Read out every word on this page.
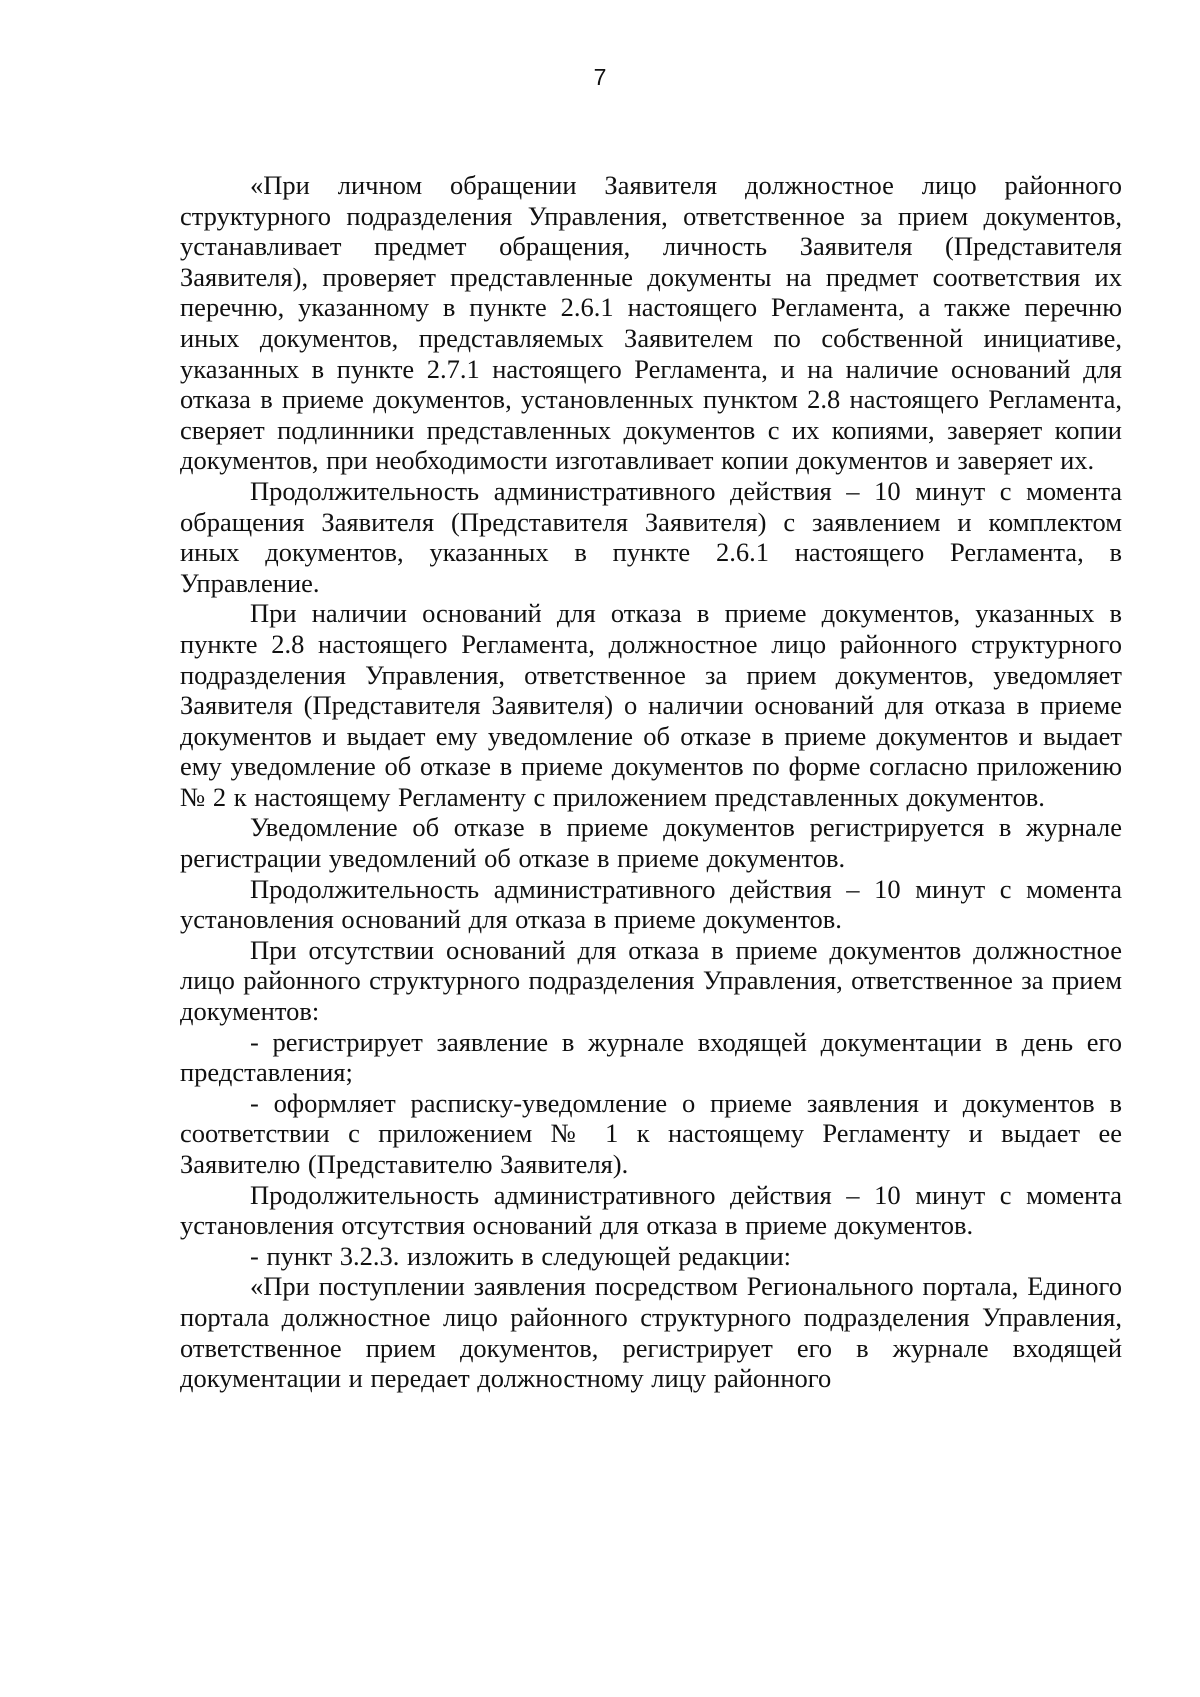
7

«При личном обращении Заявителя должностное лицо районного структурного подразделения Управления, ответственное за прием документов, устанавливает предмет обращения, личность Заявителя (Представителя Заявителя), проверяет представленные документы на предмет соответствия их перечню, указанному в пункте 2.6.1 настоящего Регламента, а также перечню иных документов, представляемых Заявителем по собственной инициативе, указанных в пункте 2.7.1 настоящего Регламента, и на наличие оснований для отказа в приеме документов, установленных пунктом 2.8 настоящего Регламента, сверяет подлинники представленных документов с их копиями, заверяет копии документов, при необходимости изготавливает копии документов и заверяет их.

Продолжительность административного действия – 10 минут с момента обращения Заявителя (Представителя Заявителя) с заявлением и комплектом иных документов, указанных в пункте 2.6.1 настоящего Регламента, в Управление.

При наличии оснований для отказа в приеме документов, указанных в пункте 2.8 настоящего Регламента, должностное лицо районного структурного подразделения Управления, ответственное за прием документов, уведомляет Заявителя (Представителя Заявителя) о наличии оснований для отказа в приеме документов и выдает ему уведомление об отказе в приеме документов и выдает ему уведомление об отказе в приеме документов по форме согласно приложению № 2 к настоящему Регламенту с приложением представленных документов.

Уведомление об отказе в приеме документов регистрируется в журнале регистрации уведомлений об отказе в приеме документов.

Продолжительность административного действия – 10 минут с момента установления оснований для отказа в приеме документов.

При отсутствии оснований для отказа в приеме документов должностное лицо районного структурного подразделения Управления, ответственное за прием документов:

- регистрирует заявление в журнале входящей документации в день его представления;

- оформляет расписку-уведомление о приеме заявления и документов в соответствии с приложением № 1 к настоящему Регламенту и выдает ее Заявителю (Представителю Заявителя).

Продолжительность административного действия – 10 минут с момента установления отсутствия оснований для отказа в приеме документов.

- пункт 3.2.3. изложить в следующей редакции:

«При поступлении заявления посредством Регионального портала, Единого портала должностное лицо районного структурного подразделения Управления, ответственное прием документов, регистрирует его в журнале входящей документации и передает должностному лицу районного
